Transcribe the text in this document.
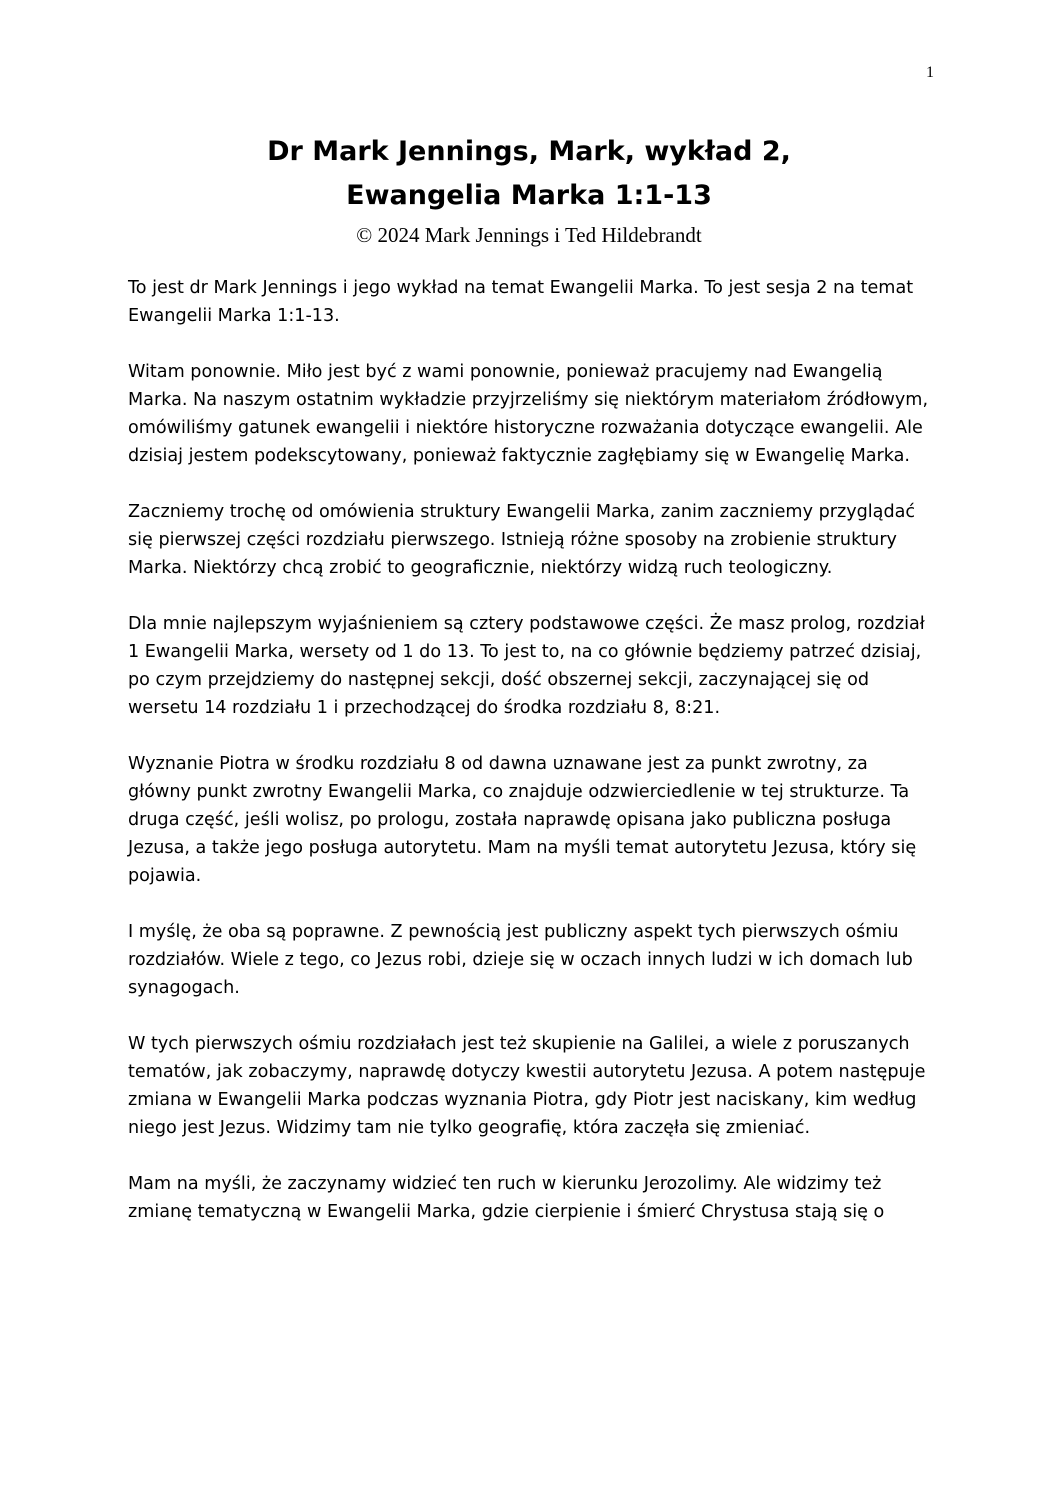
1
Dr Mark Jennings, Mark, wykład 2,
Ewangelia Marka 1:1-13
© 2024 Mark Jennings i Ted Hildebrandt

To jest dr Mark Jennings i jego wykład na temat Ewangelii Marka. To jest sesja 2 na temat Ewangelii Marka 1:1-13.

Witam ponownie. Miło jest być z wami ponownie, ponieważ pracujemy nad Ewangelią Marka. Na naszym ostatnim wykładzie przyjrzeliśmy się niektórym materiałom źródłowym, omówiliśmy gatunek ewangelii i niektóre historyczne rozważania dotyczące ewangelii. Ale dzisiaj jestem podekscytowany, ponieważ faktycznie zagłębiamy się w Ewangelię Marka.

Zaczniemy trochę od omówienia struktury Ewangelii Marka, zanim zaczniemy przyglądać się pierwszej części rozdziału pierwszego. Istnieją różne sposoby na zrobienie struktury Marka. Niektórzy chcą zrobić to geograficznie, niektórzy widzą ruch teologiczny.

Dla mnie najlepszym wyjaśnieniem są cztery podstawowe części. Że masz prolog, rozdział 1 Ewangelii Marka, wersety od 1 do 13. To jest to, na co głównie będziemy patrzeć dzisiaj, po czym przejdziemy do następnej sekcji, dość obszernej sekcji, zaczynającej się od wersetu 14 rozdziału 1 i przechodzącej do środka rozdziału 8, 8:21.

Wyznanie Piotra w środku rozdziału 8 od dawna uznawane jest za punkt zwrotny, za główny punkt zwrotny Ewangelii Marka, co znajduje odzwierciedlenie w tej strukturze. Ta druga część, jeśli wolisz, po prologu, została naprawdę opisana jako publiczna posługa Jezusa, a także jego posługa autorytetu. Mam na myśli temat autorytetu Jezusa, który się pojawia.

I myślę, że oba są poprawne. Z pewnością jest publiczny aspekt tych pierwszych ośmiu rozdziałów. Wiele z tego, co Jezus robi, dzieje się w oczach innych ludzi w ich domach lub synagogach.

W tych pierwszych ośmiu rozdziałach jest też skupienie na Galilei, a wiele z poruszanych tematów, jak zobaczymy, naprawdę dotyczy kwestii autorytetu Jezusa. A potem następuje zmiana w Ewangelii Marka podczas wyznania Piotra, gdy Piotr jest naciskany, kim według niego jest Jezus. Widzimy tam nie tylko geografię, która zaczęła się zmieniać.

Mam na myśli, że zaczynamy widzieć ten ruch w kierunku Jerozolimy. Ale widzimy też zmianę tematyczną w Ewangelii Marka, gdzie cierpienie i śmierć Chrystusa stają się o
